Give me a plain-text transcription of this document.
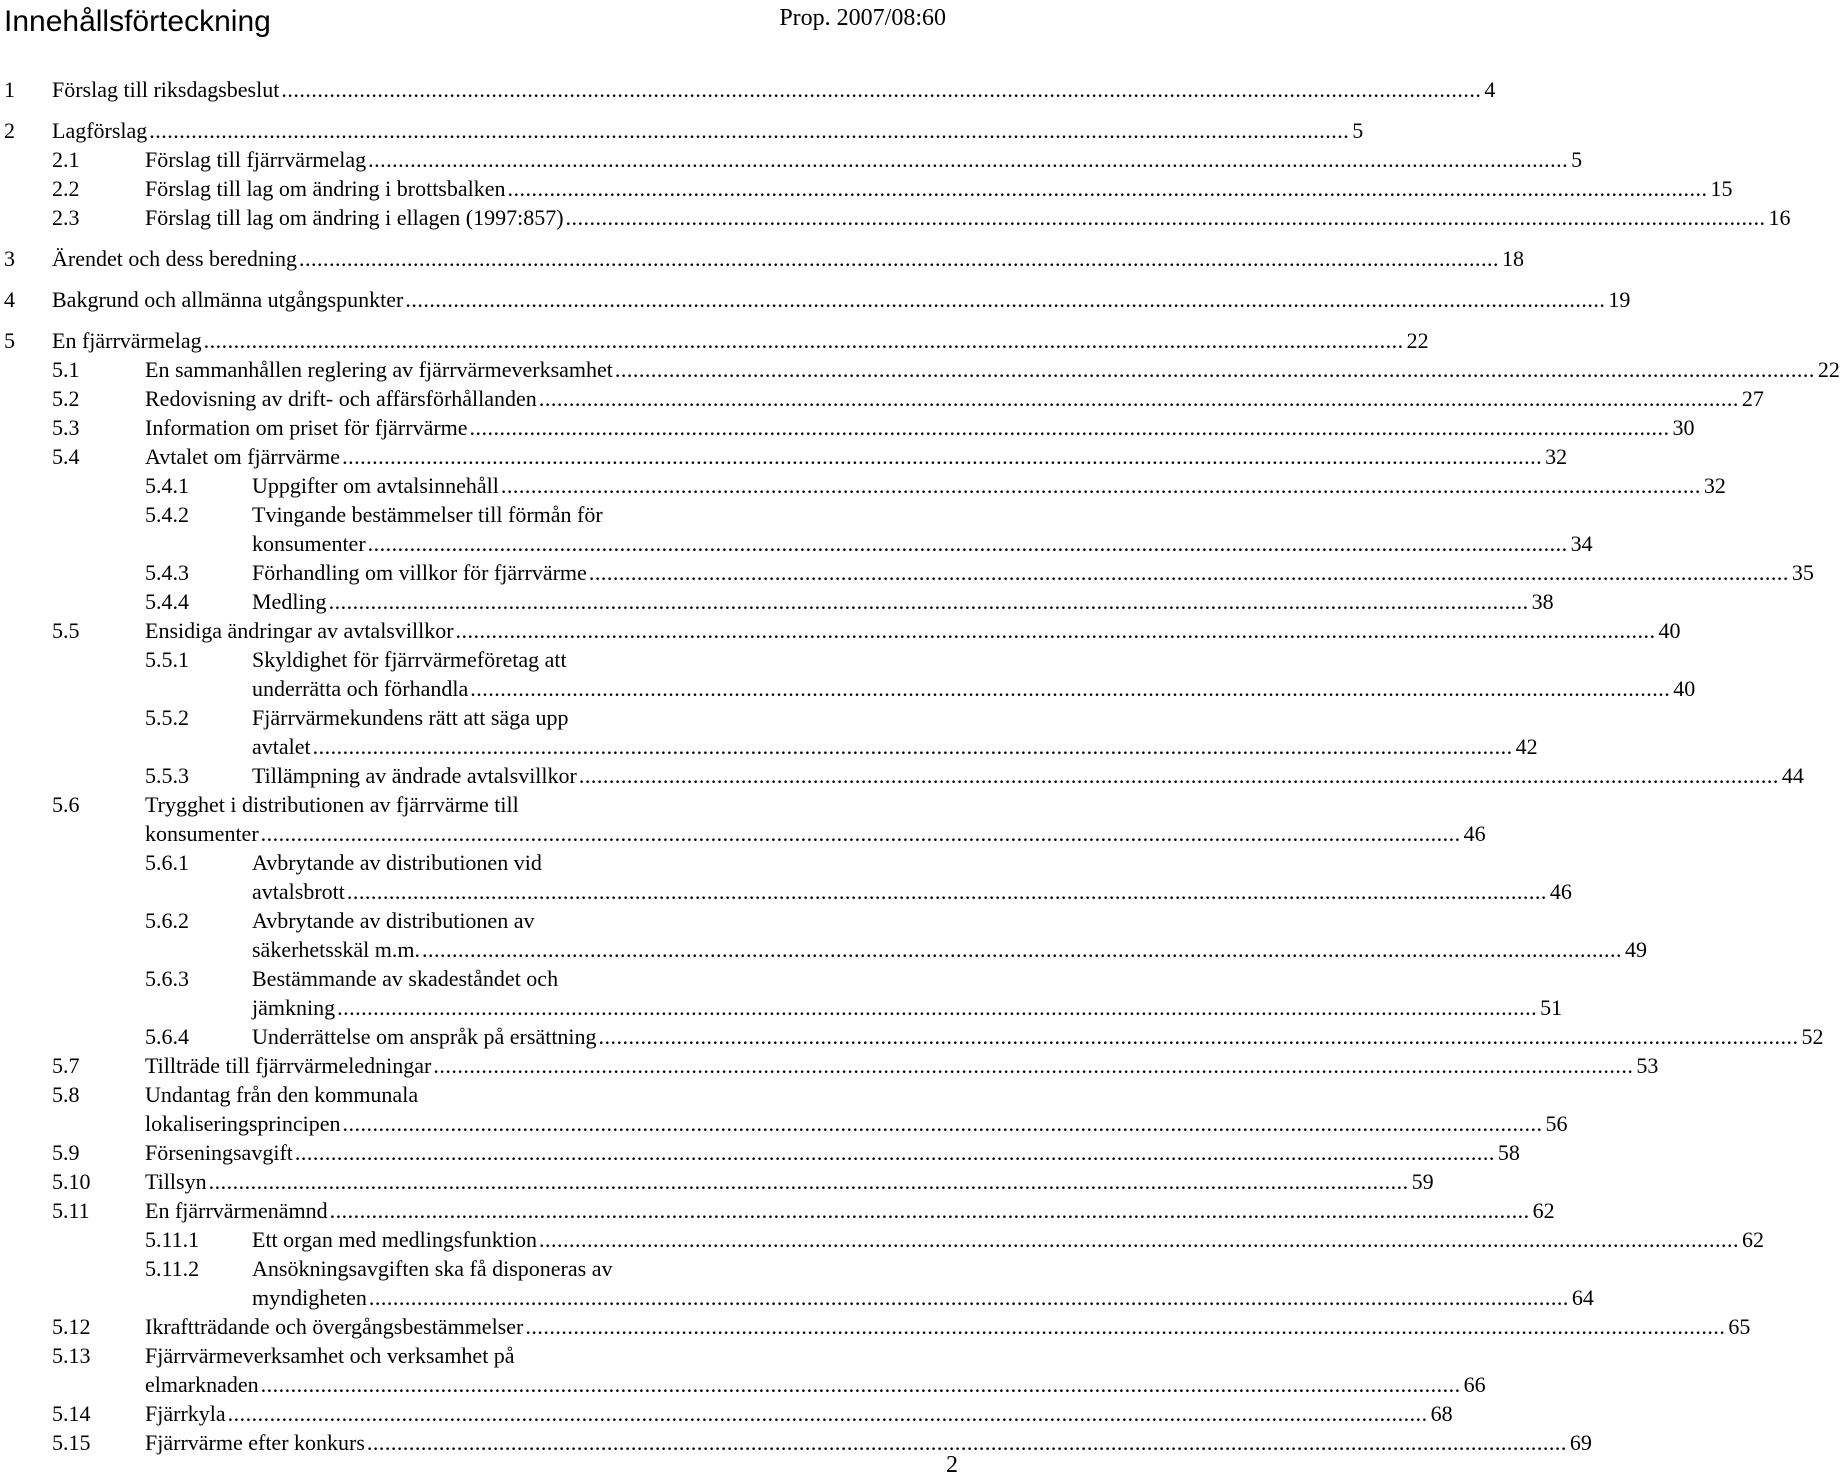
Innehållsförteckning	Prop. 2007/08:60
1 Förslag till riksdagsbeslut ........................................................................................................................................................................................................ 4
2 Lagförslag ........................................................................................................................................................................................................ 5
2.1	Förslag till fjärrvärmelag ........................................................................................................................................................................................................ 5
2.2	Förslag till lag om ändring i brottsbalken ........................................................................................................................................................................................................ 15
2.3	Förslag till lag om ändring i ellagen (1997:857) ........................................................................................................................................................................................................ 16
3 Ärendet och dess beredning ........................................................................................................................................................................................................ 18
4 Bakgrund och allmänna utgångspunkter ........................................................................................................................................................................................................ 19
5 En fjärrvärmelag ........................................................................................................................................................................................................ 22
5.1	En sammanhållen reglering av fjärrvärmeverksamhet ........................................................................................................................................................................................................ 22
5.2	Redovisning av drift- och affärsförhållanden ........................................................................................................................................................................................................ 27
5.3	Information om priset för fjärrvärme ........................................................................................................................................................................................................ 30
5.4	Avtalet om fjärrvärme ........................................................................................................................................................................................................ 32
5.4.1	Uppgifter om avtalsinnehåll ........................................................................................................................................................................................................ 32
5.4.2	Tvingande bestämmelser till förmån för
konsumenter ........................................................................................................................................................................................................ 34
5.4.3	Förhandling om villkor för fjärrvärme ........................................................................................................................................................................................................ 35
5.4.4	Medling ........................................................................................................................................................................................................ 38
5.5	Ensidiga ändringar av avtalsvillkor ........................................................................................................................................................................................................ 40
5.5.1	Skyldighet för fjärrvärmeföretag att
underrätta och förhandla ........................................................................................................................................................................................................ 40
5.5.2	Fjärrvärmekundens rätt att säga upp
avtalet ........................................................................................................................................................................................................ 42
5.5.3	Tillämpning av ändrade avtalsvillkor ........................................................................................................................................................................................................ 44
5.6	Trygghet i distributionen av fjärrvärme till
konsumenter ........................................................................................................................................................................................................ 46
5.6.1	Avbrytande av distributionen vid
avtalsbrott ........................................................................................................................................................................................................ 46
5.6.2	Avbrytande av distributionen av
säkerhetsskäl m.m. ........................................................................................................................................................................................................ 49
5.6.3	Bestämmande av skadeståndet och
jämkning ........................................................................................................................................................................................................ 51
5.6.4	Underrättelse om anspråk på ersättning ........................................................................................................................................................................................................ 52
5.7	Tillträde till fjärrvärmeledningar ........................................................................................................................................................................................................ 53
5.8	Undantag från den kommunala
lokaliseringsprincipen ........................................................................................................................................................................................................ 56
5.9	Förseningsavgift ........................................................................................................................................................................................................ 58
5.10 Tillsyn ........................................................................................................................................................................................................ 59
5.11	En fjärrvärmenämnd ........................................................................................................................................................................................................ 62
5.11.1 Ett organ med medlingsfunktion ........................................................................................................................................................................................................ 62
5.11.2 Ansökningsavgiften ska få disponeras av
myndigheten ........................................................................................................................................................................................................ 64
5.12 Ikraftträdande och övergångsbestämmelser ........................................................................................................................................................................................................ 65
5.13 Fjärrvärmeverksamhet och verksamhet på
elmarknaden ........................................................................................................................................................................................................ 66
5.14 Fjärrkyla ........................................................................................................................................................................................................ 68
5.15 Fjärrvärme efter konkurs ........................................................................................................................................................................................................ 69
2
